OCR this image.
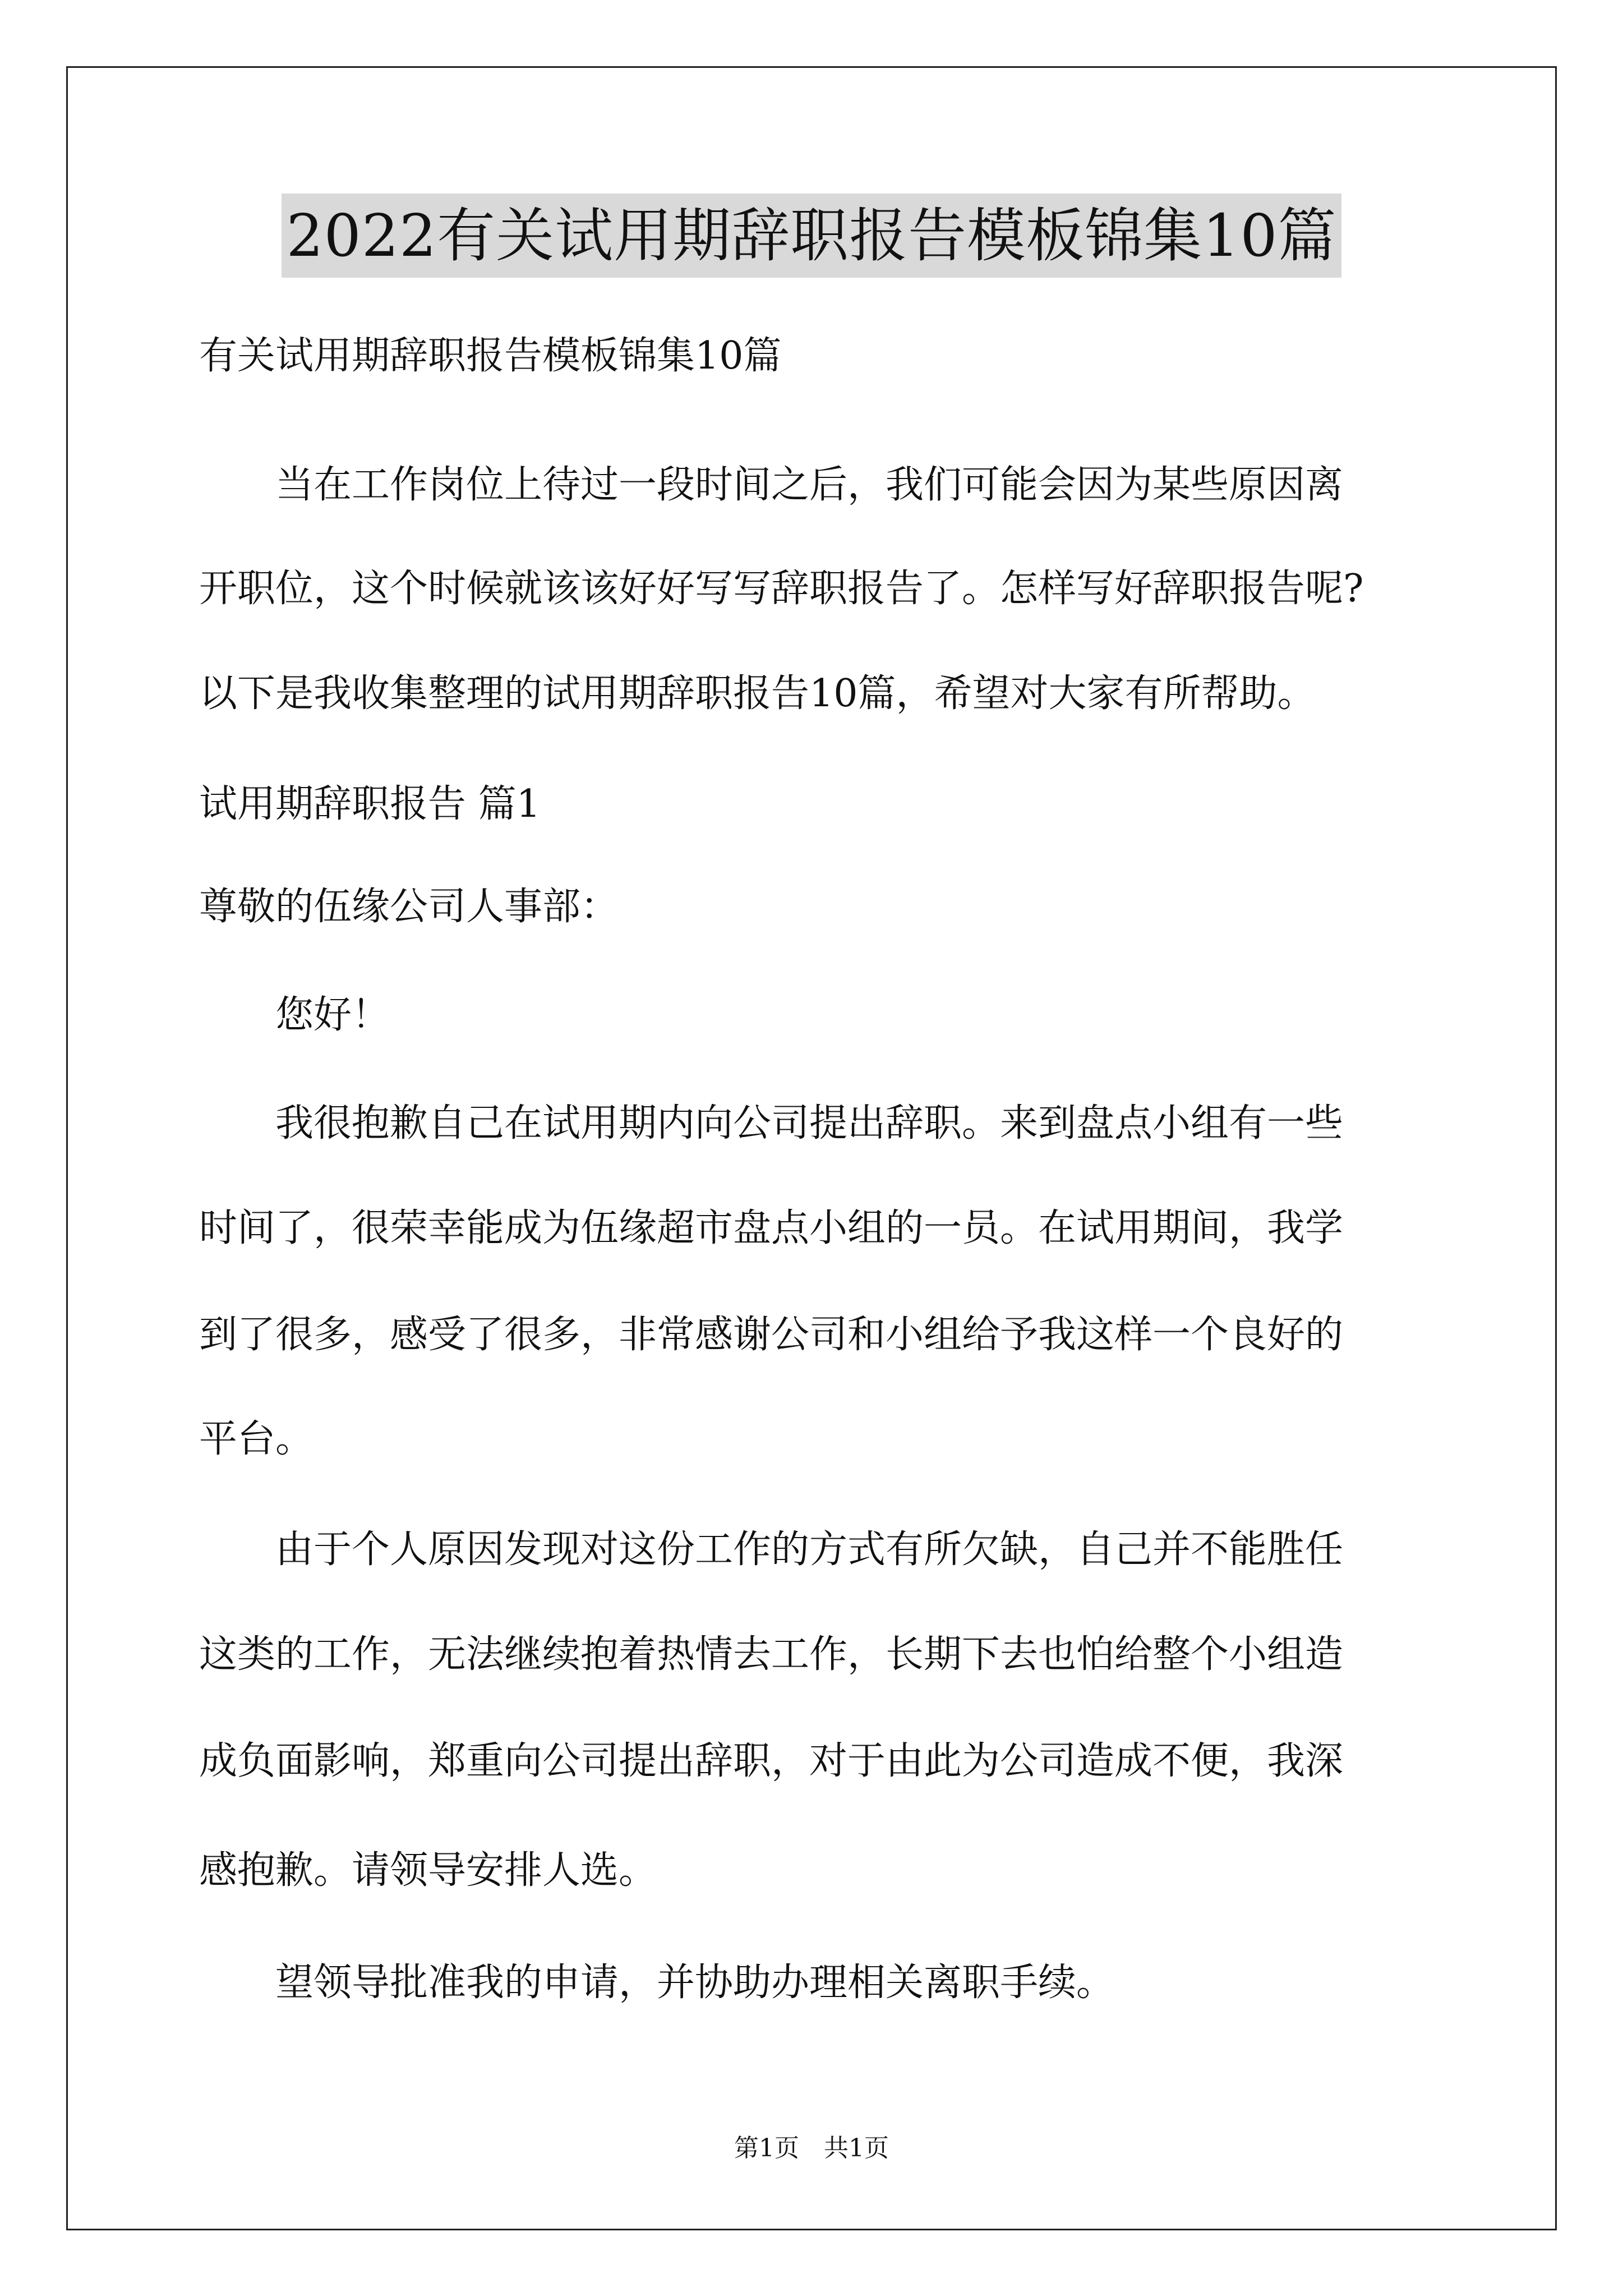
2022有关试用期辞职报告模板锦集10篇

有关试用期辞职报告模板锦集10篇

　　当在工作岗位上待过一段时间之后，我们可能会因为某些原因离

开职位，这个时候就该该好好写写辞职报告了。怎样写好辞职报告呢?

以下是我收集整理的试用期辞职报告10篇，希望对大家有所帮助。

试用期辞职报告 篇1

尊敬的伍缘公司人事部：

　　您好！

　　我很抱歉自己在试用期内向公司提出辞职。来到盘点小组有一些

时间了，很荣幸能成为伍缘超市盘点小组的一员。在试用期间，我学

到了很多，感受了很多，非常感谢公司和小组给予我这样一个良好的

平台。

　　由于个人原因发现对这份工作的方式有所欠缺，自己并不能胜任

这类的工作，无法继续抱着热情去工作，长期下去也怕给整个小组造

成负面影响，郑重向公司提出辞职，对于由此为公司造成不便，我深

感抱歉。请领导安排人选。

　　望领导批准我的申请，并协助办理相关离职手续。

第1页　共1页
